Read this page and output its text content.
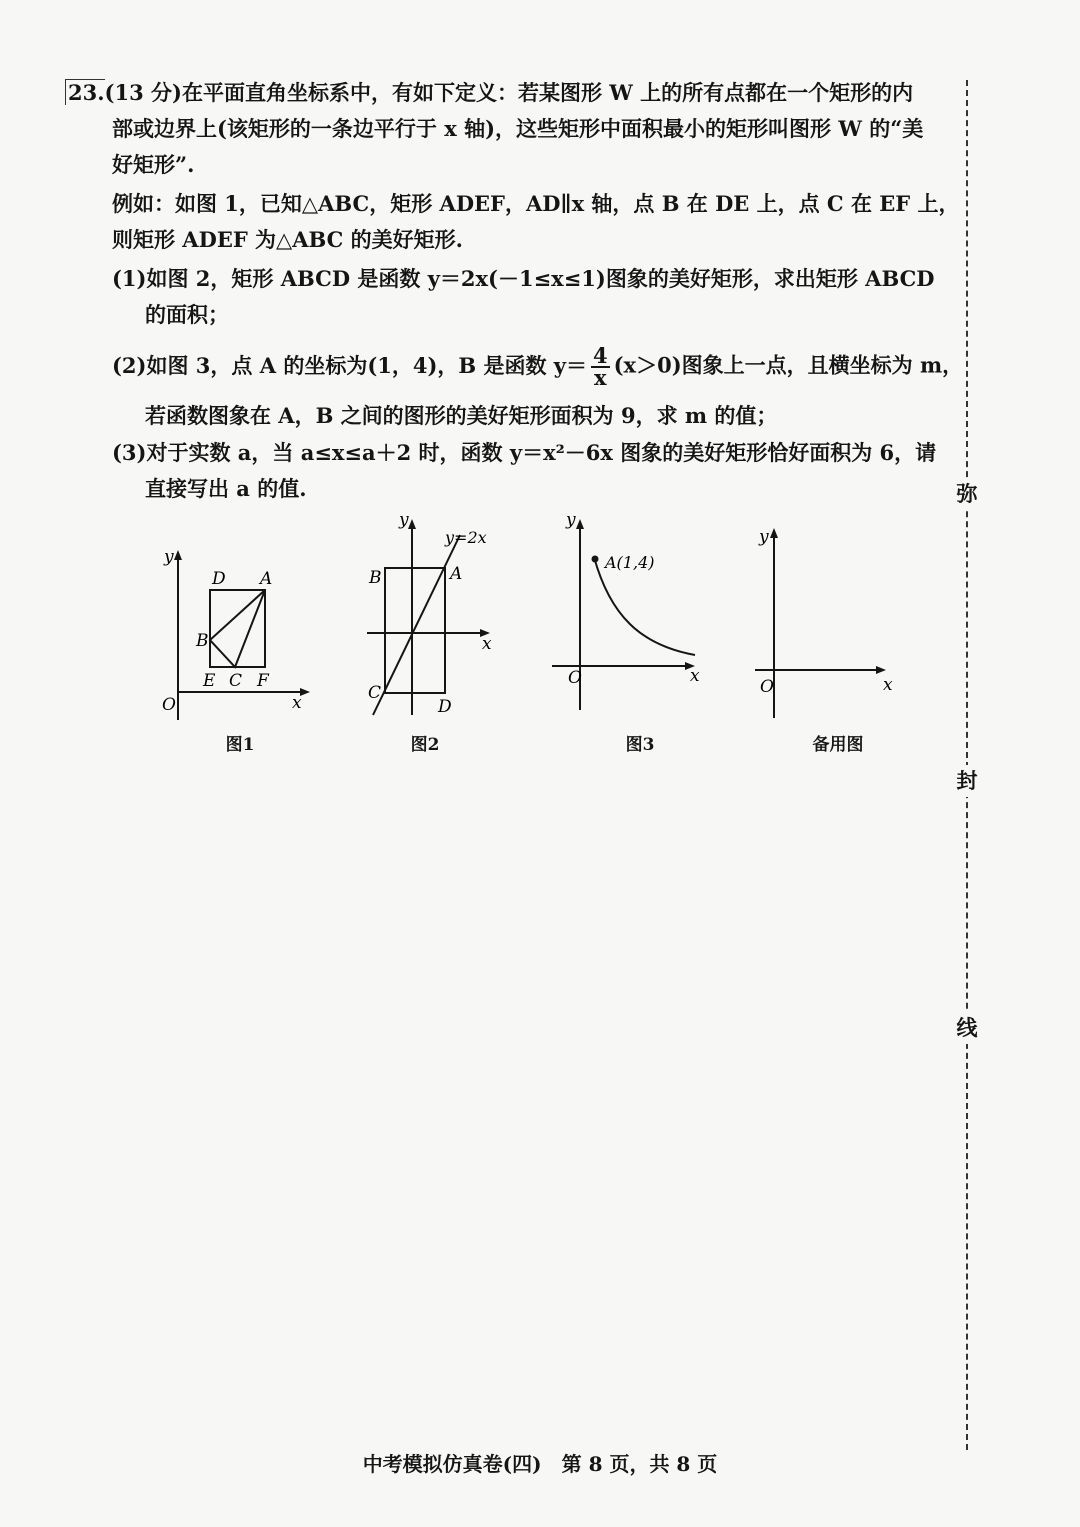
23.(13 分)在平面直角坐标系中，有如下定义：若某图形 W 上的所有点都在一个矩形的内
部或边界上(该矩形的一条边平行于 x 轴)，这些矩形中面积最小的矩形叫图形 W 的“美
好矩形”.
例如：如图 1，已知△ABC，矩形 ADEF，AD∥x 轴，点 B 在 DE 上，点 C 在 EF 上，
则矩形 ADEF 为△ABC 的美好矩形.
(1)如图 2，矩形 ABCD 是函数 y＝2x(－1≤x≤1)图象的美好矩形，求出矩形 ABCD
的面积；
(2)如图 3，点 A 的坐标为(1，4)，B 是函数 $y= \frac{4}{x} (x>0)$图象上一点，且横坐标为 m，
若函数图象在 A，B 之间的图形的美好矩形面积为 9，求 m 的值；
(3)对于实数 a，当 a≤x≤a＋2 时，函数 y＝x²－6x 图象的美好矩形恰好面积为 6，请
直接写出 a 的值.
y
x
O
D A
B
E C F
图1
y
y=2x
x
B	A
C
D
图2
y
x
O
A(1,4)
图3
y
x
O
备用图
弥
封
线
中考模拟仿真卷(四)　第 8 页，共 8 页
